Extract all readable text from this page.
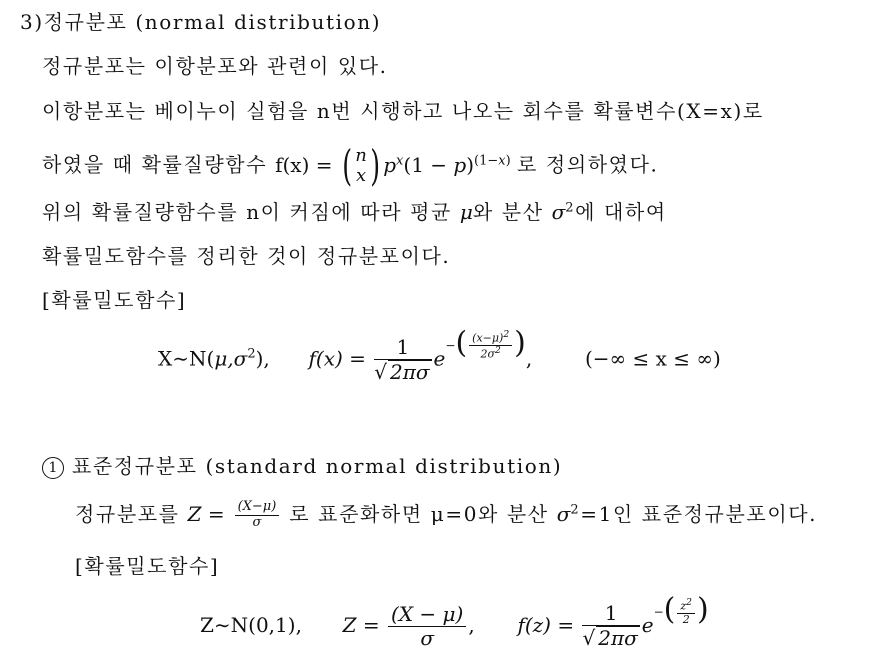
3)정규분포 (normal distribution)
정규분포는 이항분포와 관련이 있다.
이항분포는 베이누이 실험을 n번 시행하고 나오는 회수를 확률변수(X=x)로
하였을 때 확률질량함수 f(x) = ( n
x ) $p^x(1 - p)^{(1-x)}$ 로 정의하였다.
위의 확률질량함수를 n이 커짐에 따라 평균 μ와 분산 $\sigma^2$에 대하여
확률밀도함수를 정리한 것이 정규분포이다.
[확률밀도함수]
$X\sim N(\mu,\sigma^2)$, $f(x) = \frac{1}{√ 2\pi\sigma} e-( \frac{(x-\mu)^2}{2\sigma^2}$ ),  (−∞ ≤ x ≤ ∞)
1 표준정규분포 (standard normal distribution)
정규분포를 $Z = \frac{(X-\mu)}{\sigma}$ 로 표준화하면 μ=0와 분산 $\sigma^2=1$인 표준정규분포이다.
[확률밀도함수]
Z∼N(0,1), $Z = \frac{(X - \mu)}{\sigma}$ ,  $f(z) = \frac{1}{√ 2\pi\sigma} e-( \frac{z^2}{2}$ )
